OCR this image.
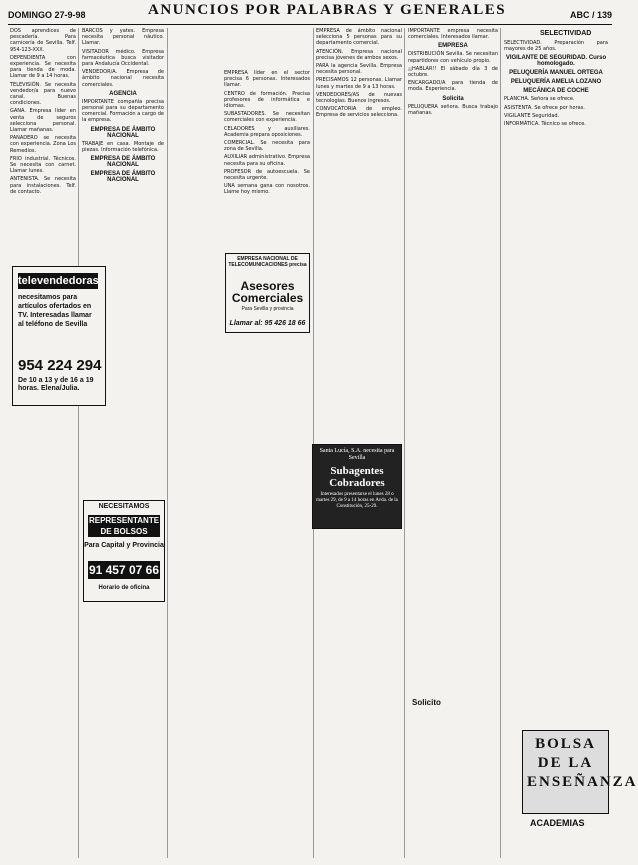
DOMINGO 27-9-98	ANUNCIOS POR PALABRAS Y GENERALES	ABC / 139

DOS aprendices de pescadería. Para carnicería de Sevilla. Telf. 954-123-XXX.

DEPENDIENTA con experiencia. Se necesita para tienda de moda. Llamar de 9 a 14 horas.

TELEVISIÓN. Se necesita vendedor/a para nuevo canal. Buenas condiciones.

GANA. Empresa líder en venta de seguros selecciona personal. Llamar mañanas.

PANADERO se necesita con experiencia. Zona Los Remedios.

FRIO industrial. Técnicos. Se necesita con carnet. Llamar lunes.

ANTENISTA. Se necesita para instalaciones. Telf. de contacto.

BARCOS y yates. Empresa necesita personal náutico. Llamar.

VISITADOR médico. Empresa farmacéutica busca visitador para Andalucía Occidental.

VENDEDOR/A. Empresa de ámbito nacional necesita comerciales.

AGENCIA

IMPORTANTE compañía precisa personal para su departamento comercial. Formación a cargo de la empresa.

EMPRESA DE ÁMBITO NACIONAL

TRABAJE en casa. Montaje de piezas. Información telefónica.

EMPRESA DE ÁMBITO NACIONAL
EMPRESA DE ÁMBITO NACIONAL

EMPRESA líder en el sector precisa 6 personas. Interesados llamar.

CENTRO de formación. Precisa profesores de informática e idiomas.

SUBASTADORES. Se necesitan comerciales con experiencia.

CELADORES y auxiliares. Academia prepara oposiciones.

COMERCIAL. Se necesita para zona de Sevilla.

AUXILIAR administrativo. Empresa necesita para su oficina.

PROFESOR de autoescuela. Se necesita urgente.

UNA semana gana con nosotros. Llame hoy mismo.

EMPRESA de ámbito nacional selecciona 5 personas para su departamento comercial.

ATENCIÓN. Empresa nacional precisa jóvenes de ambos sexos.

PARA la agencia Sevilla. Empresa necesita personal.

PRECISAMOS 12 personas. Llamar lunes y martes de 9 a 13 horas.

VENDEDORES/AS de nuevas tecnologías. Buenos ingresos.

CONVOCATORIA de empleo. Empresa de servicios selecciona.

IMPORTANTE empresa necesita comerciales. Interesados llamar.

EMPRESA

DISTRIBUCIÓN Sevilla. Se necesitan repartidores con vehículo propio.

¡¡HABLAR!! El sábado día 3 de octubre.

ENCARGADO/A para tienda de moda. Experiencia.

Solicita

PELUQUERA señora. Busca trabajo mañanas.

SELECTIVIDAD

SELECTIVIDAD. Preparación para mayores de 25 años.

VIGILANTE DE SEGURIDAD. Curso homologado.
PELUQUERÍA MANUEL ORTEGA
PELUQUERÍA AMELIA LOZANO
MECÁNICA DE COCHE

PLANCHA. Señora se ofrece.

ASISTENTA. Se ofrece por horas.

VIGILANTE Seguridad.

INFORMÁTICA. Técnico se ofrece.

televendedoras
necesitamos para artículos ofertados en TV. Interesadas llamar al teléfono de Sevilla
954 224 294
De 10 a 13 y de 16 a 19 horas. Elena/Julia.
NECESITAMOS
REPRESENTANTE DE BOLSOS
Para Capital y Provincia
91 457 07 66
Horario de oficina
EMPRESA NACIONAL DE TELECOMUNICACIONES precisa
Asesores Comerciales
Para Sevilla y provincia
Llamar al: 95 426 18 66
Santa Lucía, S.A. necesita para Sevilla
Subagentes Cobradores
Interesados presentarse el lunes 28 o martes 29, de 9 a 14 horas en Avda. de la Constitución, 25-29.
Solicito
BOLSA DE LA ENSEÑANZA
ACADEMIAS
